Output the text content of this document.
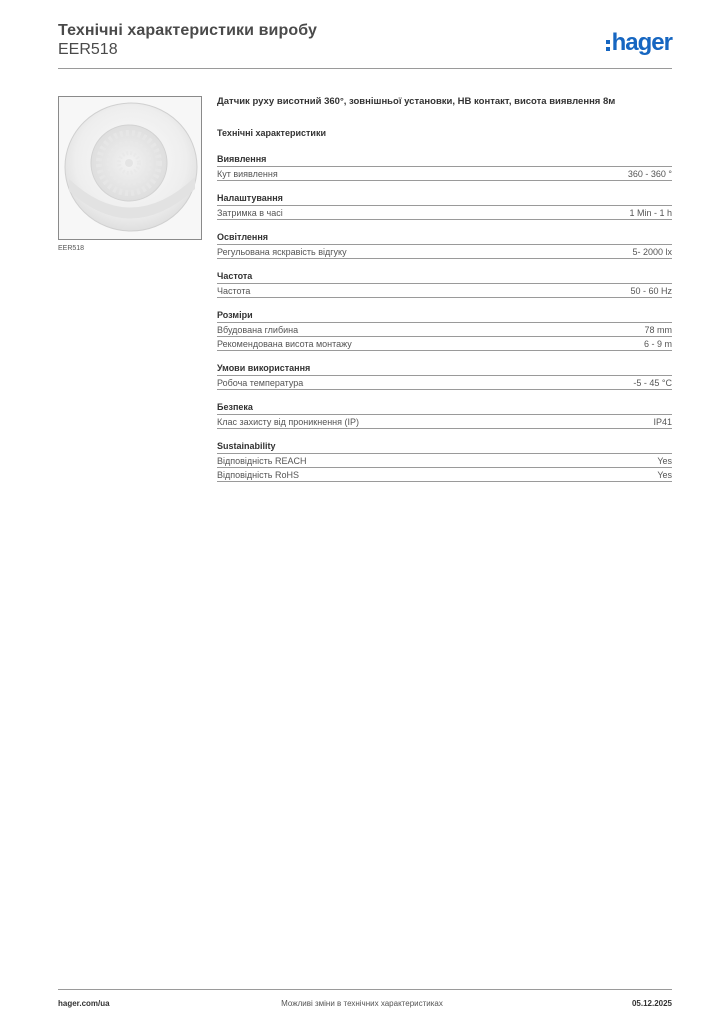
Технічні характеристики виробу
EER518	hager
EER518
Датчик руху висотний 360°, зовнішньої установки, НВ контакт, висота виявлення 8м
Технічні характеристики
Виявлення
Кут виявлення	360 - 360 °
Налаштування
Затримка в часі	1 Min - 1 h
Освітлення
Регульована яскравість відгуку	5- 2000 lx
Частота
Частота	50 - 60 Hz
Розміри
Вбудована глибина	78 mm
Рекомендована висота монтажу	6 - 9 m
Умови використання
Робоча температура	-5 - 45 °C
Безпека
Клас захисту від проникнення (IP)	IP41
Sustainability
Відповідність REACH	Yes
Відповідність RoHS	Yes
hager.com/ua	Можливі зміни в технічних характеристиках	05.12.2025
